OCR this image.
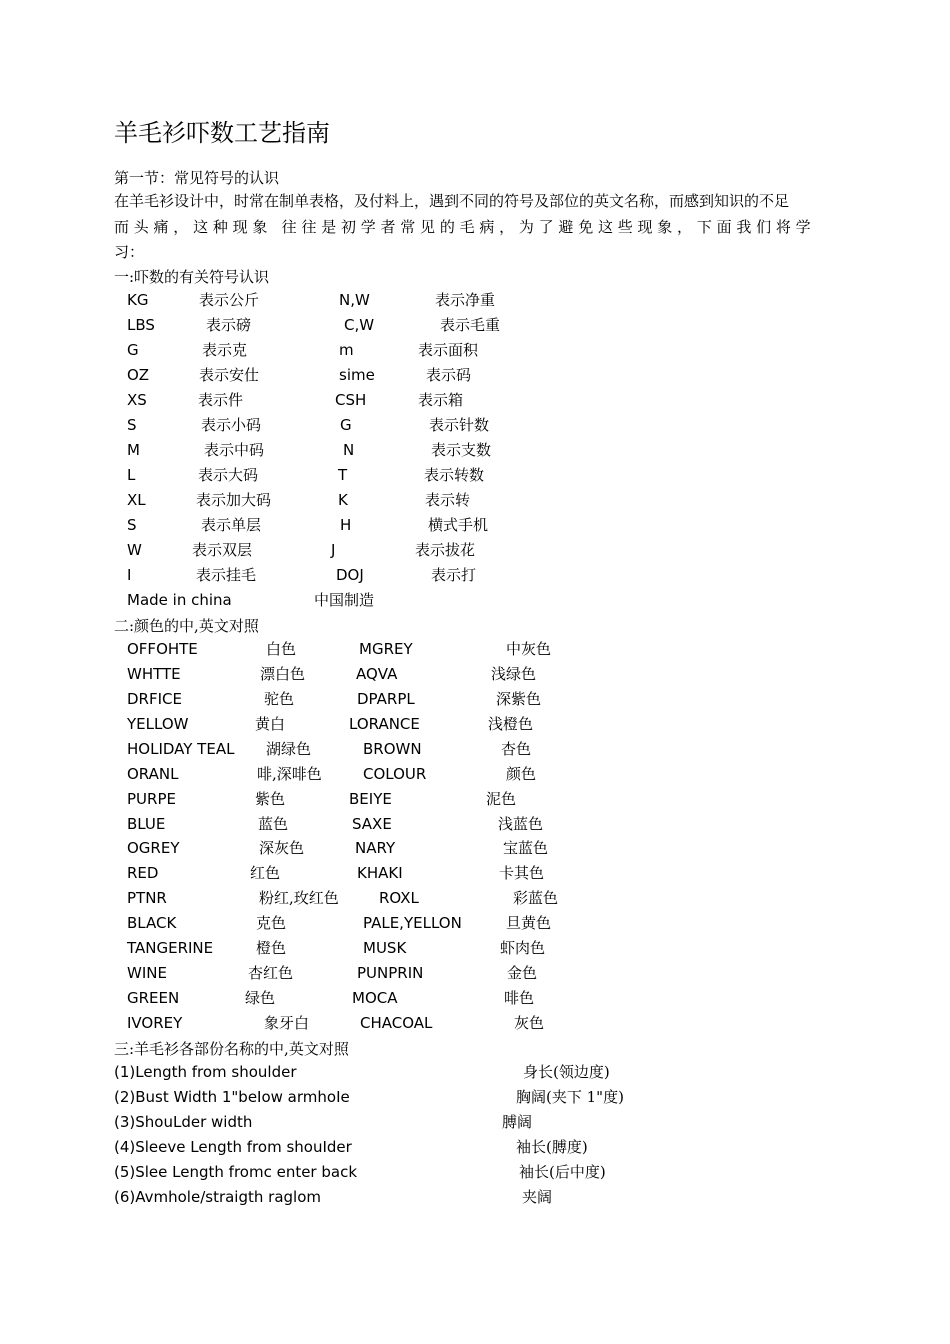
羊毛衫吓数工艺指南
第一节：常见符号的认识
在羊毛衫设计中，时常在制单表格，及付料上，遇到不同的符号及部位的英文名称，而感到知识的不足
而 头 痛 ， 这 种 现 象   往 往 是 初 学 者 常 见 的 毛 病 ， 为 了 避 免 这 些 现 象 ， 下 面 我 们 将 学
习：
一:吓数的有关符号认识
KG	表示公斤	N,W	表示净重
LBS	表示磅	C,W	表示毛重
G	表示克	m	表示面积
OZ	表示安仕	sime	表示码
XS	表示件	CSH	表示箱
S	表示小码	G	表示针数
M	表示中码	N	表示支数
L	表示大码	T	表示转数
XL	表示加大码	K	表示转
S	表示单层	H	横式手机
W	表示双层	J	表示拔花
I	表示挂毛	DOJ	表示打
Made in china	中国制造
二:颜色的中,英文对照
OFFOHTE	白色	MGREY	中灰色
WHTTE	漂白色	AQVA	浅绿色
DRFICE	驼色	DPARPL	深紫色
YELLOW	黄白	LORANCE	浅橙色
HOLIDAY TEAL 湖绿色	BROWN	杏色
ORANL	啡,深啡色	COLOUR	颜色
PURPE	紫色	BEIYE	泥色
BLUE	蓝色	SAXE	浅蓝色
OGREY	深灰色	NARY	宝蓝色
RED	红色	KHAKI	卡其色
PTNR	粉红,玫红色	ROXL	彩蓝色
BLACK	克色	PALE,YELLON	旦黄色
TANGERINE	橙色	MUSK	虾肉色
WINE	杏红色	PUNPRIN	金色
GREEN	绿色	MOCA	啡色
IVOREY	象牙白	CHACOAL	灰色
三:羊毛衫各部份名称的中,英文对照
(1)Length from shoulder	身长(领边度)
(2)Bust Width 1"beIow armhoIe	胸阔(夹下 1"度)
(3)ShouLder width	膊阔
(4)Sleeve Length from shouIder	袖长(膊度)
(5)Slee Length fromc enter back	袖长(后中度)
(6)Avmhole/straigth raglom	夹阔
